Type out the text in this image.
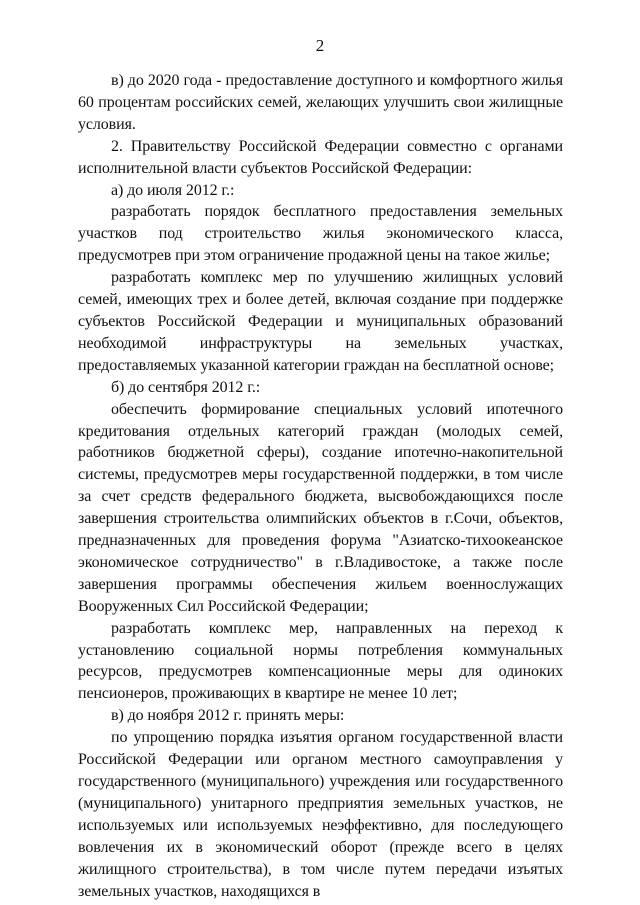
2

в) до 2020 года - предоставление доступного и комфортного жилья 60 процентам российских семей, желающих улучшить свои жилищные условия.

2. Правительству Российской Федерации совместно с органами исполнительной власти субъектов Российской Федерации:

а) до июля 2012 г.:

разработать порядок бесплатного предоставления земельных участков под строительство жилья экономического класса, предусмотрев при этом ограничение продажной цены на такое жилье;

разработать комплекс мер по улучшению жилищных условий семей, имеющих трех и более детей, включая создание при поддержке субъектов Российской Федерации и муниципальных образований необходимой инфраструктуры на земельных участках, предоставляемых указанной категории граждан на бесплатной основе;

б) до сентября 2012 г.:

обеспечить формирование специальных условий ипотечного кредитования отдельных категорий граждан (молодых семей, работников бюджетной сферы), создание ипотечно-накопительной системы, предусмотрев меры государственной поддержки, в том числе за счет средств федерального бюджета, высвобождающихся после завершения строительства олимпийских объектов в г.Сочи, объектов, предназначенных для проведения форума "Азиатско-тихоокеанское экономическое сотрудничество" в г.Владивостоке, а также после завершения программы обеспечения жильем военнослужащих Вооруженных Сил Российской Федерации;

разработать комплекс мер, направленных на переход к установлению социальной нормы потребления коммунальных ресурсов, предусмотрев компенсационные меры для одиноких пенсионеров, проживающих в квартире не менее 10 лет;

в) до ноября 2012 г. принять меры:

по упрощению порядка изъятия органом государственной власти Российской Федерации или органом местного самоуправления у государственного (муниципального) учреждения или государственного (муниципального) унитарного предприятия земельных участков, не используемых или используемых неэффективно, для последующего вовлечения их в экономический оборот (прежде всего в целях жилищного строительства), в том числе путем передачи изъятых земельных участков, находящихся в
